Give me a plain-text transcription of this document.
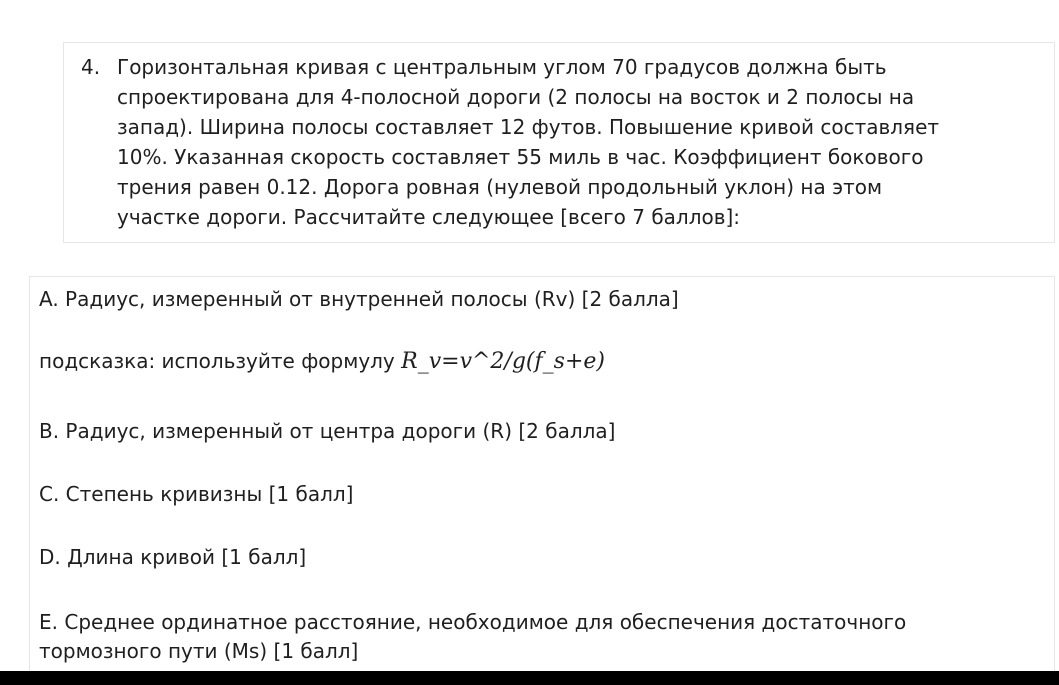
4. Горизонтальная кривая с центральным углом 70 градусов должна быть
спроектирована для 4-полосной дороги (2 полосы на восток и 2 полосы на
запад). Ширина полосы составляет 12 футов. Повышение кривой составляет
10%. Указанная скорость составляет 55 миль в час. Коэффициент бокового
трения равен 0.12. Дорога ровная (нулевой продольный уклон) на этом
участке дороги. Рассчитайте следующее [всего 7 баллов]:
A. Радиус, измеренный от внутренней полосы (Rv) [2 балла]
подсказка: используйте формулу R_v=v^2/g(f_s+e)
B. Радиус, измеренный от центра дороги (R) [2 балла]
C. Степень кривизны [1 балл]
D. Длина кривой [1 балл]
E. Среднее ординатное расстояние, необходимое для обеспечения достаточного
тормозного пути (Ms) [1 балл]
